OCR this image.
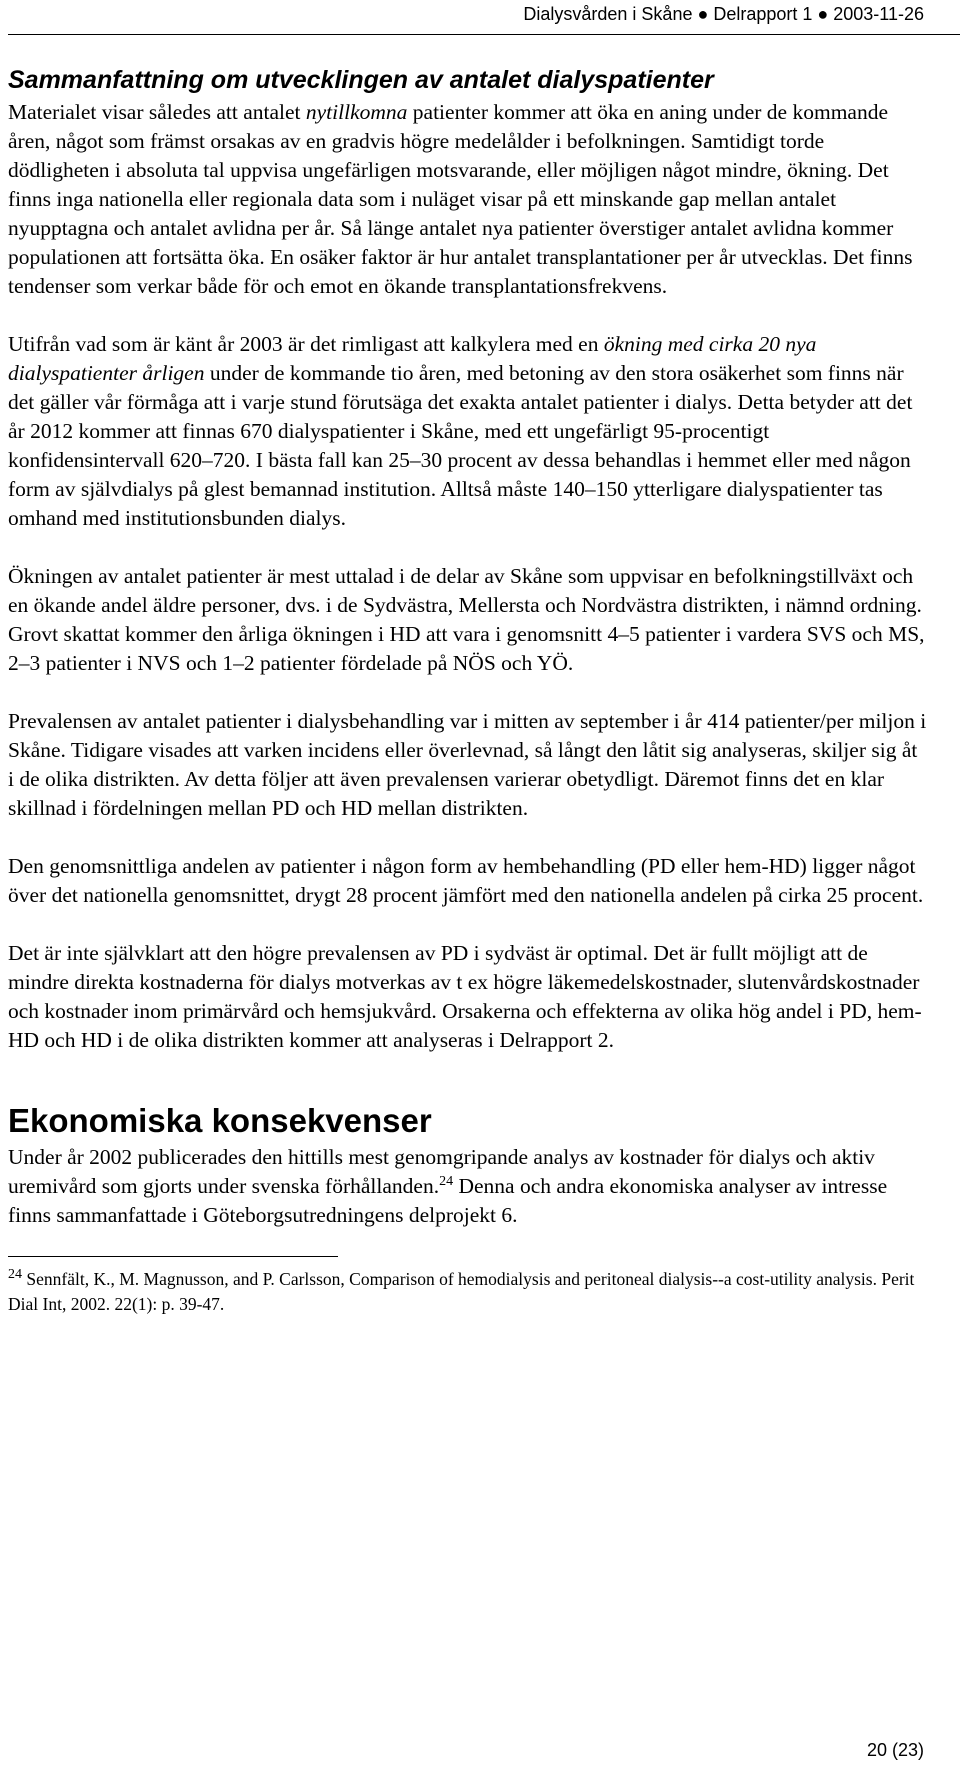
Dialysvården i Skåne ● Delrapport 1 ● 2003-11-26
Sammanfattning om utvecklingen av antalet dialyspatienter

Materialet visar således att antalet nytillkomna patienter kommer att öka en aning under de kommande åren, något som främst orsakas av en gradvis högre medelålder i befolkningen. Samtidigt torde dödligheten i absoluta tal uppvisa ungefärligen motsvarande, eller möjligen något mindre, ökning. Det finns inga nationella eller regionala data som i nuläget visar på ett minskande gap mellan antalet nyupptagna och antalet avlidna per år. Så länge antalet nya patienter överstiger antalet avlidna kommer populationen att fortsätta öka. En osäker faktor är hur antalet transplantationer per år utvecklas. Det finns tendenser som verkar både för och emot en ökande transplantationsfrekvens.

Utifrån vad som är känt år 2003 är det rimligast att kalkylera med en ökning med cirka 20 nya dialyspatienter årligen under de kommande tio åren, med betoning av den stora osäkerhet som finns när det gäller vår förmåga att i varje stund förutsäga det exakta antalet patienter i dialys. Detta betyder att det år 2012 kommer att finnas 670 dialyspatienter i Skåne, med ett ungefärligt 95-procentigt konfidensintervall 620–720. I bästa fall kan 25–30 procent av dessa behandlas i hemmet eller med någon form av självdialys på glest bemannad institution. Alltså måste 140–150 ytterligare dialyspatienter tas omhand med institutionsbunden dialys.

Ökningen av antalet patienter är mest uttalad i de delar av Skåne som uppvisar en befolkningstillväxt och en ökande andel äldre personer, dvs. i de Sydvästra, Mellersta och Nordvästra distrikten, i nämnd ordning. Grovt skattat kommer den årliga ökningen i HD att vara i genomsnitt 4–5 patienter i vardera SVS och MS, 2–3 patienter i NVS och 1–2 patienter fördelade på NÖS och YÖ.

Prevalensen av antalet patienter i dialysbehandling var i mitten av september i år 414 patienter/per miljon i Skåne. Tidigare visades att varken incidens eller överlevnad, så långt den låtit sig analyseras, skiljer sig åt i de olika distrikten. Av detta följer att även prevalensen varierar obetydligt. Däremot finns det en klar skillnad i fördelningen mellan PD och HD mellan distrikten.

Den genomsnittliga andelen av patienter i någon form av hembehandling (PD eller hem-HD) ligger något över det nationella genomsnittet, drygt 28 procent jämfört med den nationella andelen på cirka 25 procent.

Det är inte självklart att den högre prevalensen av PD i sydväst är optimal. Det är fullt möjligt att de mindre direkta kostnaderna för dialys motverkas av t ex högre läkemedelskostnader, slutenvårdskostnader och kostnader inom primärvård och hemsjukvård. Orsakerna och effekterna av olika hög andel i PD, hem-HD och HD i de olika distrikten kommer att analyseras i Delrapport 2.

Ekonomiska konsekvenser

Under år 2002 publicerades den hittills mest genomgripande analys av kostnader för dialys och aktiv uremivård som gjorts under svenska förhållanden.$^{24}$ Denna och andra ekonomiska analyser av intresse finns sammanfattade i Göteborgsutredningens delprojekt 6.

$^{24}$ Sennfält, K., M. Magnusson, and P. Carlsson, Comparison of hemodialysis and peritoneal dialysis--a cost-utility analysis. Perit Dial Int, 2002. 22(1): p. 39-47.
20 (23)
